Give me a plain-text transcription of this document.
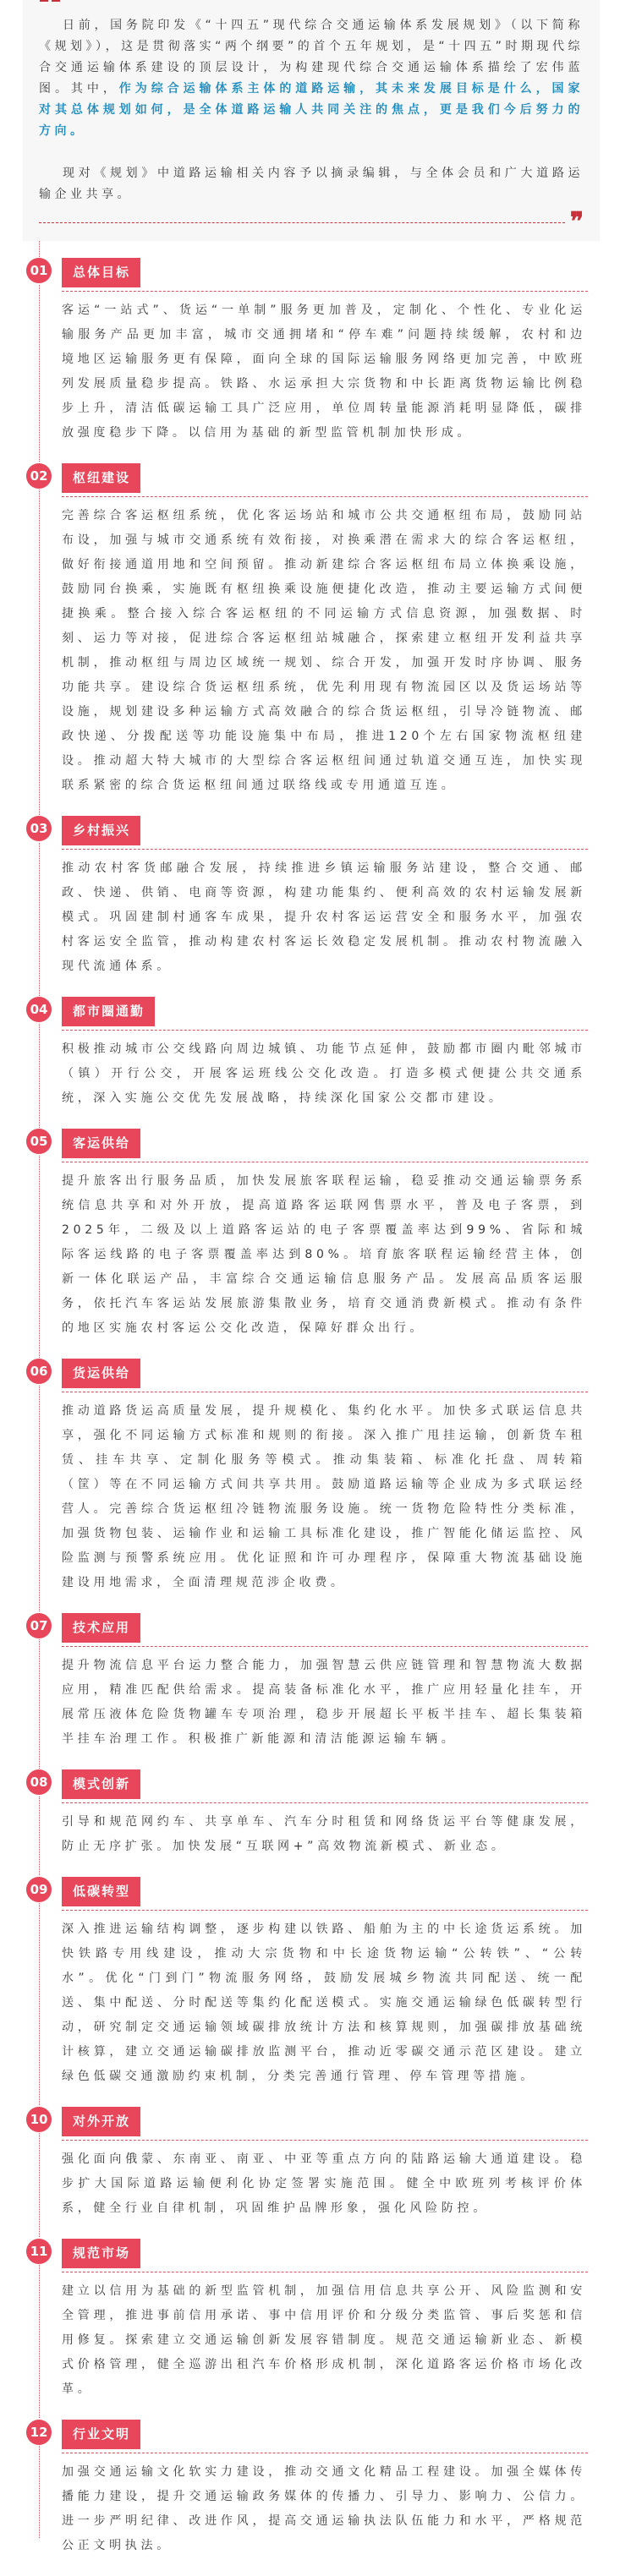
日前，国务院印发《“十四五”现代综合交通运输体系发展规划》（以下简称《规划》），这是贯彻落实“两个纲要”的首个五年规划，是“十四五”时期现代综合交通运输体系建设的顶层设计，为构建现代综合交通运输体系描绘了宏伟蓝图。其中，作为综合运输体系主体的道路运输，其未来发展目标是什么，国家对其总体规划如何，是全体道路运输人共同关注的焦点，更是我们今后努力的方向。

现对《规划》中道路运输相关内容予以摘录编辑，与全体会员和广大道路运输企业共享。

❞
01	总体目标
客运“一站式”、货运“一单制”服务更加普及，定制化、个性化、专业化运输服务产品更加丰富，城市交通拥堵和“停车难”问题持续缓解，农村和边境地区运输服务更有保障，面向全球的国际运输服务网络更加完善，中欧班列发展质量稳步提高。铁路、水运承担大宗货物和中长距离货物运输比例稳步上升，清洁低碳运输工具广泛应用，单位周转量能源消耗明显降低，碳排放强度稳步下降。以信用为基础的新型监管机制加快形成。
02	枢纽建设
完善综合客运枢纽系统，优化客运场站和城市公共交通枢纽布局，鼓励同站布设，加强与城市交通系统有效衔接，对换乘潜在需求大的综合客运枢纽，做好衔接通道用地和空间预留。推动新建综合客运枢纽布局立体换乘设施，鼓励同台换乘，实施既有枢纽换乘设施便捷化改造，推动主要运输方式间便捷换乘。整合接入综合客运枢纽的不同运输方式信息资源，加强数据、时刻、运力等对接，促进综合客运枢纽站城融合，探索建立枢纽开发利益共享机制，推动枢纽与周边区域统一规划、综合开发，加强开发时序协调、服务功能共享。建设综合货运枢纽系统，优先利用现有物流园区以及货运场站等设施，规划建设多种运输方式高效融合的综合货运枢纽，引导冷链物流、邮政快递、分拨配送等功能设施集中布局，推进120个左右国家物流枢纽建设。推动超大特大城市的大型综合客运枢纽间通过轨道交通互连，加快实现联系紧密的综合货运枢纽间通过联络线或专用通道互连。
03	乡村振兴
推动农村客货邮融合发展，持续推进乡镇运输服务站建设，整合交通、邮政、快递、供销、电商等资源，构建功能集约、便利高效的农村运输发展新模式。巩固建制村通客车成果，提升农村客运运营安全和服务水平，加强农村客运安全监管，推动构建农村客运长效稳定发展机制。推动农村物流融入现代流通体系。
04	都市圈通勤
积极推动城市公交线路向周边城镇、功能节点延伸，鼓励都市圈内毗邻城市（镇）开行公交，开展客运班线公交化改造。打造多模式便捷公共交通系统，深入实施公交优先发展战略，持续深化国家公交都市建设。
05	客运供给
提升旅客出行服务品质，加快发展旅客联程运输，稳妥推动交通运输票务系统信息共享和对外开放，提高道路客运联网售票水平，普及电子客票，到2025年，二级及以上道路客运站的电子客票覆盖率达到99%、省际和城际客运线路的电子客票覆盖率达到80%。培育旅客联程运输经营主体，创新一体化联运产品，丰富综合交通运输信息服务产品。发展高品质客运服务，依托汽车客运站发展旅游集散业务，培育交通消费新模式。推动有条件的地区实施农村客运公交化改造，保障好群众出行。
06	货运供给
推动道路货运高质量发展，提升规模化、集约化水平。加快多式联运信息共享，强化不同运输方式标准和规则的衔接。深入推广甩挂运输，创新货车租赁、挂车共享、定制化服务等模式。推动集装箱、标准化托盘、周转箱（筐）等在不同运输方式间共享共用。鼓励道路运输等企业成为多式联运经营人。完善综合货运枢纽冷链物流服务设施。统一货物危险特性分类标准，加强货物包装、运输作业和运输工具标准化建设，推广智能化储运监控、风险监测与预警系统应用。优化证照和许可办理程序，保障重大物流基础设施建设用地需求，全面清理规范涉企收费。
07	技术应用
提升物流信息平台运力整合能力，加强智慧云供应链管理和智慧物流大数据应用，精准匹配供给需求。提高装备标准化水平，推广应用轻量化挂车，开展常压液体危险货物罐车专项治理，稳步开展超长平板半挂车、超长集装箱半挂车治理工作。积极推广新能源和清洁能源运输车辆。
08	模式创新
引导和规范网约车、共享单车、汽车分时租赁和网络货运平台等健康发展，防止无序扩张。加快发展“互联网+”高效物流新模式、新业态。
09	低碳转型
深入推进运输结构调整，逐步构建以铁路、船舶为主的中长途货运系统。加快铁路专用线建设，推动大宗货物和中长途货物运输“公转铁”、“公转水”。优化“门到门”物流服务网络，鼓励发展城乡物流共同配送、统一配送、集中配送、分时配送等集约化配送模式。实施交通运输绿色低碳转型行动，研究制定交通运输领域碳排放统计方法和核算规则，加强碳排放基础统计核算，建立交通运输碳排放监测平台，推动近零碳交通示范区建设。建立绿色低碳交通激励约束机制，分类完善通行管理、停车管理等措施。
10	对外开放
强化面向俄蒙、东南亚、南亚、中亚等重点方向的陆路运输大通道建设。稳步扩大国际道路运输便利化协定签署实施范围。健全中欧班列考核评价体系，健全行业自律机制，巩固维护品牌形象，强化风险防控。
11	规范市场
建立以信用为基础的新型监管机制，加强信用信息共享公开、风险监测和安全管理，推进事前信用承诺、事中信用评价和分级分类监管、事后奖惩和信用修复。探索建立交通运输创新发展容错制度。规范交通运输新业态、新模式价格管理，健全巡游出租汽车价格形成机制，深化道路客运价格市场化改革。
12	行业文明
加强交通运输文化软实力建设，推动交通文化精品工程建设。加强全媒体传播能力建设，提升交通运输政务媒体的传播力、引导力、影响力、公信力。进一步严明纪律、改进作风，提高交通运输执法队伍能力和水平，严格规范公正文明执法。
